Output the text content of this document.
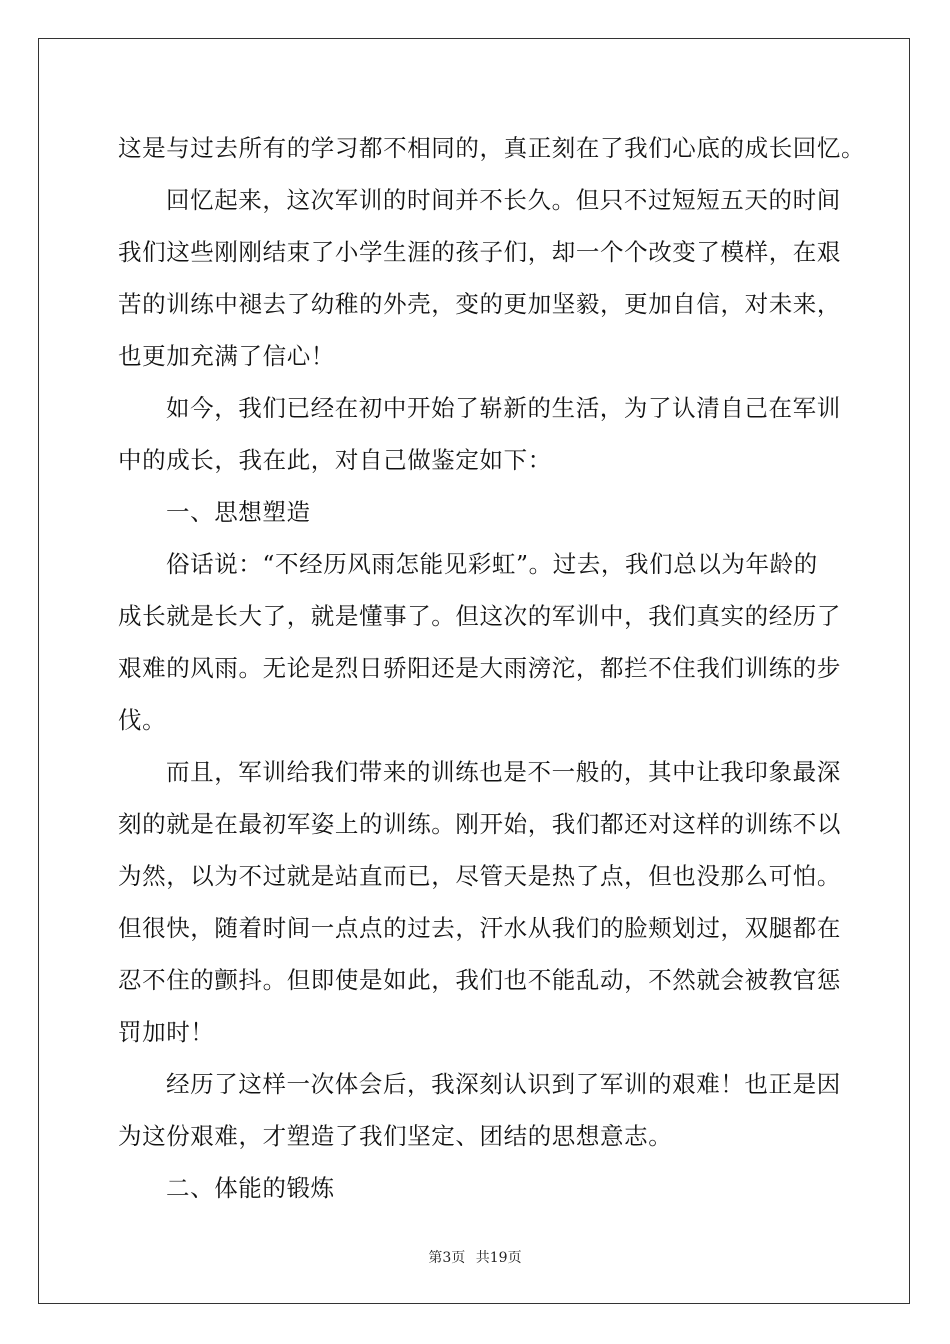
这是与过去所有的学习都不相同的，真正刻在了我们心底的成长回忆。
回忆起来，这次军训的时间并不长久。但只不过短短五天的时间
我们这些刚刚结束了小学生涯的孩子们，却一个个改变了模样，在艰
苦的训练中褪去了幼稚的外壳，变的更加坚毅，更加自信，对未来，
也更加充满了信心！
如今，我们已经在初中开始了崭新的生活，为了认清自己在军训
中的成长，我在此，对自己做鉴定如下：
一、思想塑造
俗话说：“不经历风雨怎能见彩虹”。过去，我们总以为年龄的
成长就是长大了，就是懂事了。但这次的军训中，我们真实的经历了
艰难的风雨。无论是烈日骄阳还是大雨滂沱，都拦不住我们训练的步
伐。
而且，军训给我们带来的训练也是不一般的，其中让我印象最深
刻的就是在最初军姿上的训练。刚开始，我们都还对这样的训练不以
为然，以为不过就是站直而已，尽管天是热了点，但也没那么可怕。
但很快，随着时间一点点的过去，汗水从我们的脸颊划过，双腿都在
忍不住的颤抖。但即使是如此，我们也不能乱动，不然就会被教官惩
罚加时！
经历了这样一次体会后，我深刻认识到了军训的艰难！也正是因
为这份艰难，才塑造了我们坚定、团结的思想意志。
二、体能的锻炼
第3页 共19页
